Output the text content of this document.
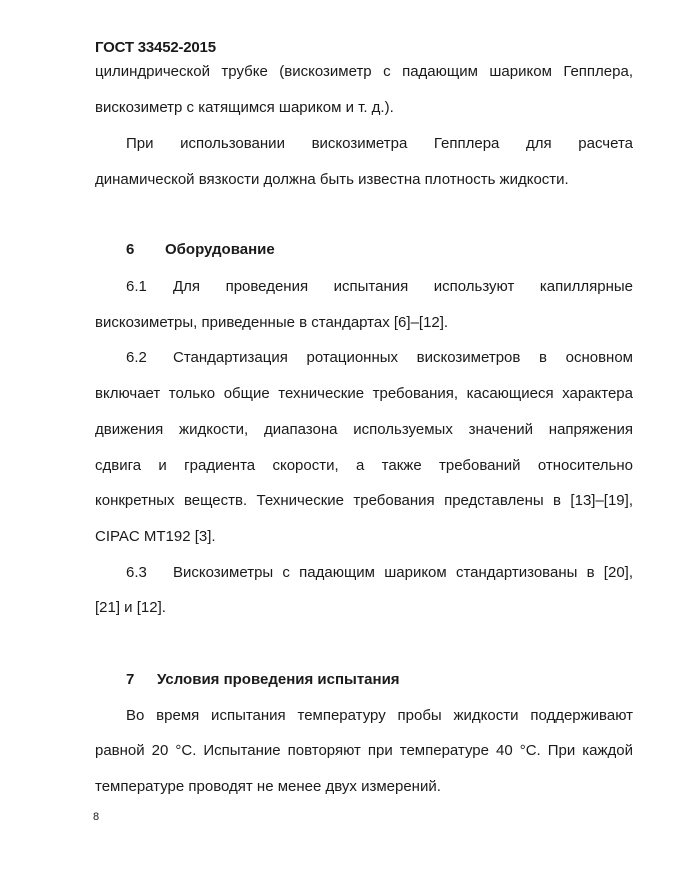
ГОСТ 33452-2015
цилиндрической трубке (вискозиметр с падающим шариком Гепплера,
вискозиметр с катящимся шариком и т. д.).
При использовании вискозиметра Гепплера для расчета
динамической вязкости должна быть известна плотность жидкости.
6 Оборудование
6.1 Для проведения испытания используют капиллярные
вискозиметры, приведенные в стандартах [6]–[12].
6.2 Стандартизация ротационных вискозиметров в основном
включает только общие технические требования, касающиеся характера
движения жидкости, диапазона используемых значений напряжения
сдвига и градиента скорости, а также требований относительно
конкретных веществ. Технические требования представлены в [13]–[19],
CIPAC MT192 [3].
6.3 Вискозиметры с падающим шариком стандартизованы в [20],
[21] и [12].
7 Условия проведения испытания
Во время испытания температуру пробы жидкости поддерживают
равной 20 °С. Испытание повторяют при температуре 40 °С. При каждой
температуре проводят не менее двух измерений.
8
